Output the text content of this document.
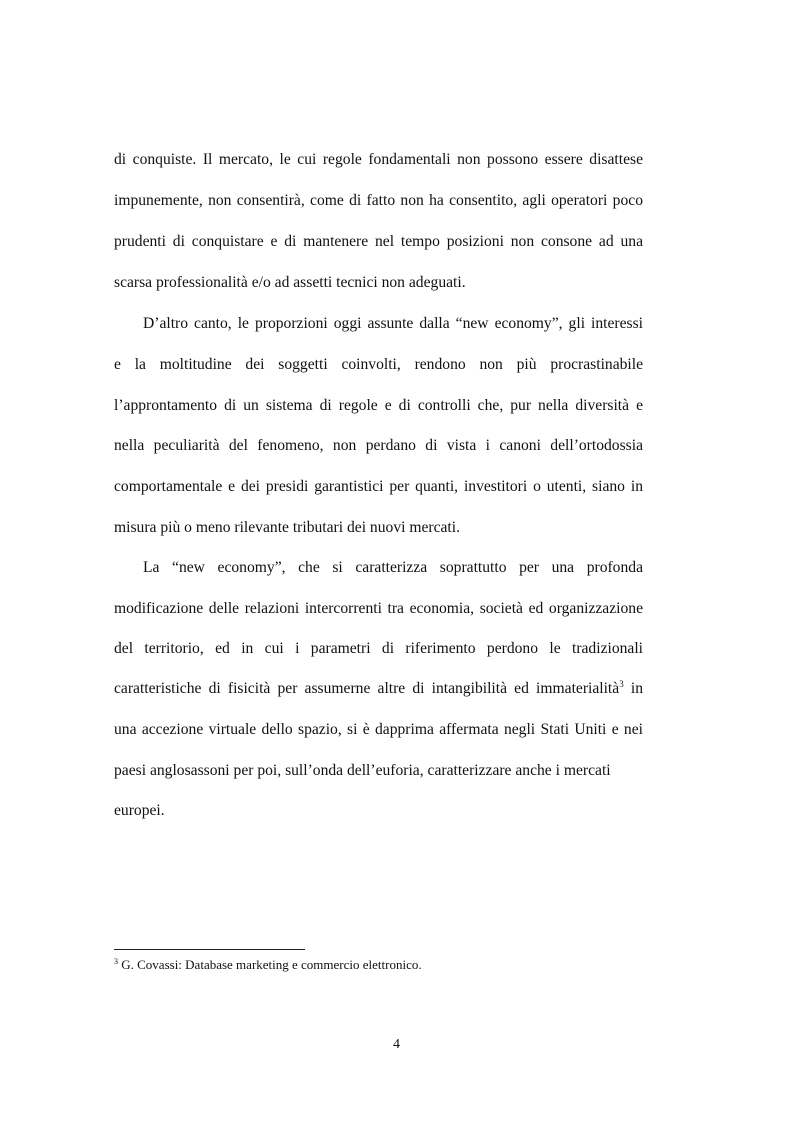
di conquiste. Il mercato, le cui regole fondamentali non possono essere disattese
impunemente, non consentirà, come di fatto non ha consentito, agli operatori poco
prudenti di conquistare e di mantenere nel tempo posizioni non consone ad una
scarsa professionalità e/o ad assetti tecnici non adeguati.
D’altro canto, le proporzioni oggi assunte dalla “new economy”, gli interessi
e la moltitudine dei soggetti coinvolti, rendono non più procrastinabile
l’approntamento di un sistema di regole e di controlli che, pur nella diversità e
nella peculiarità del fenomeno, non perdano di vista i canoni dell’ortodossia
comportamentale e dei presidi garantistici per quanti, investitori o utenti, siano in
misura più o meno rilevante tributari dei nuovi mercati.
La “new economy”, che si caratterizza soprattutto per una profonda
modificazione delle relazioni intercorrenti tra economia, società ed organizzazione
del territorio, ed in cui i parametri di riferimento perdono le tradizionali
caratteristiche di fisicità per assumerne altre di intangibilità ed immaterialità$^3$ in
una accezione virtuale dello spazio, si è dapprima affermata negli Stati Uniti e nei
paesi anglosassoni per poi, sull’onda dell’euforia, caratterizzare anche i mercati
europei.
$^3$ G. Covassi: Database marketing e commercio elettronico.
4
